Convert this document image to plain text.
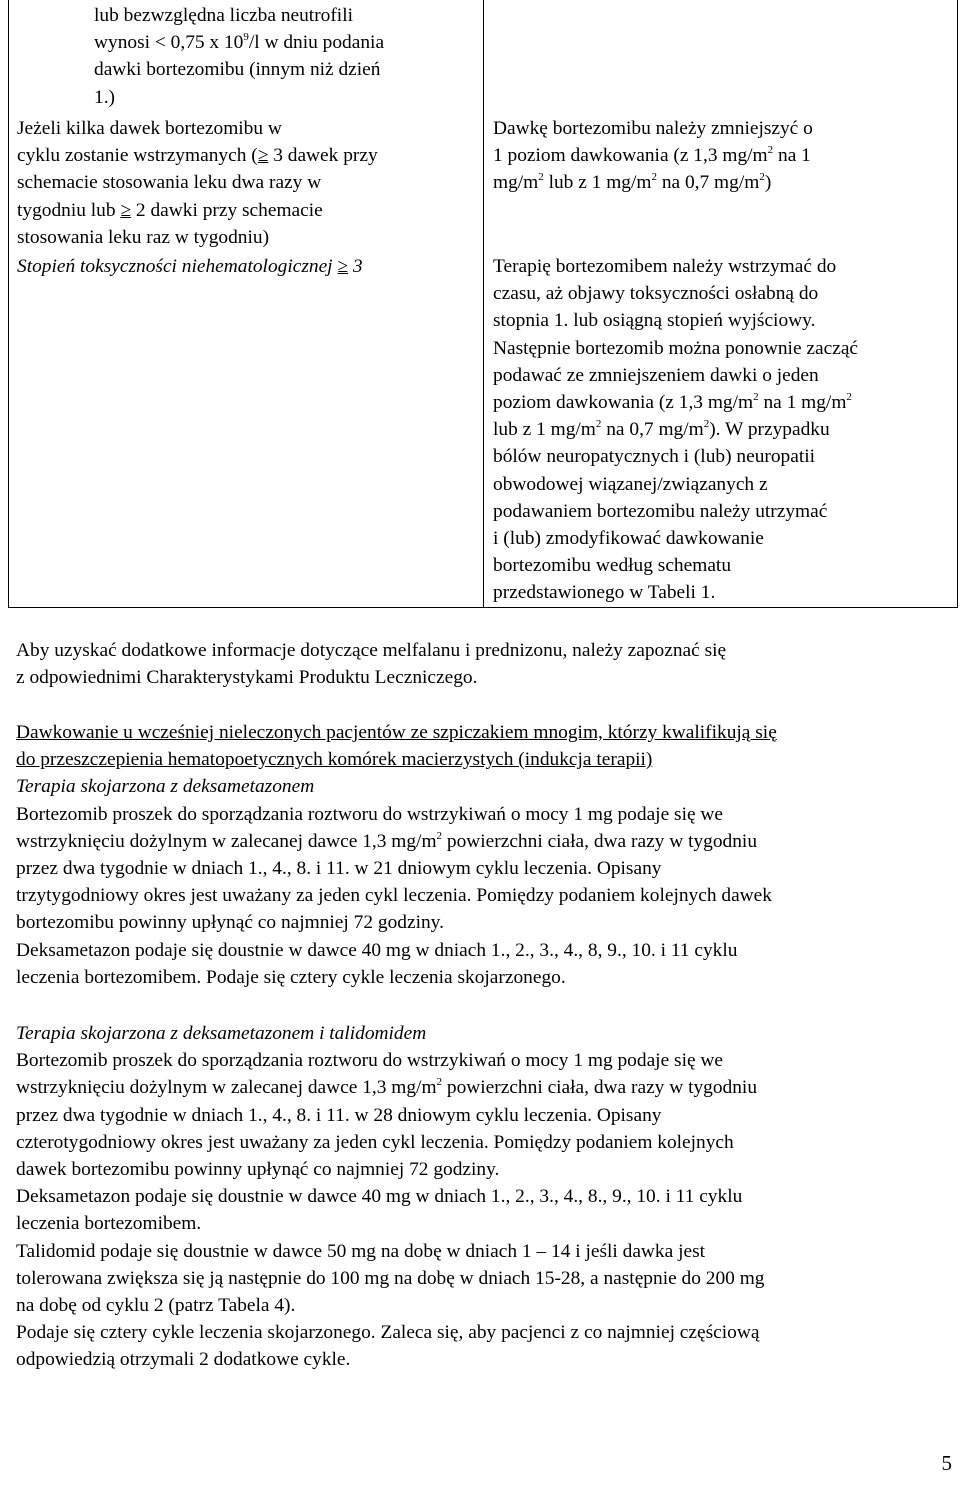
lub bezwzględna liczba neutrofili
wynosi < 0,75 x $10^9/l$ w dniu podania
dawki bortezomibu (innym niż dzień
1.)
Jeżeli kilka dawek bortezomibu w
cyklu zostanie wstrzymanych (≥ 3 dawek przy
schemacie stosowania leku dwa razy w
tygodniu lub ≥ 2 dawki przy schemacie
stosowania leku raz w tygodniu)
Stopień toksyczności niehematologicznej ≥ 3
Dawkę bortezomibu należy zmniejszyć o
1 poziom dawkowania (z 1,3 $mg/m^2$ na 1
$mg/m^2$ lub z 1 $mg/m^2$ na 0,7 $mg/m^2$)
Terapię bortezomibem należy wstrzymać do
czasu, aż objawy toksyczności osłabną do
stopnia 1. lub osiągną stopień wyjściowy.
Następnie bortezomib można ponownie zacząć
podawać ze zmniejszeniem dawki o jeden
poziom dawkowania (z 1,3 $mg/m^2$ na 1 $mg/m^2$
lub z 1 $mg/m^2$ na 0,7 $mg/m^2$). W przypadku
bólów neuropatycznych i (lub) neuropatii
obwodowej wiązanej/związanych z
podawaniem bortezomibu należy utrzymać
i (lub) zmodyfikować dawkowanie
bortezomibu według schematu
przedstawionego w Tabeli 1.
Aby uzyskać dodatkowe informacje dotyczące melfalanu i prednizonu, należy zapoznać się
z odpowiednimi Charakterystykami Produktu Leczniczego.
Dawkowanie u wcześniej nieleczonych pacjentów ze szpiczakiem mnogim, którzy kwalifikują się
do przeszczepienia hematopoetycznych komórek macierzystych (indukcja terapii)
Terapia skojarzona z deksametazonem
Bortezomib proszek do sporządzania roztworu do wstrzykiwań o mocy 1 mg podaje się we
wstrzyknięciu dożylnym w zalecanej dawce 1,3 $mg/m^2$ powierzchni ciała, dwa razy w tygodniu
przez dwa tygodnie w dniach 1., 4., 8. i 11. w 21 dniowym cyklu leczenia. Opisany
trzytygodniowy okres jest uważany za jeden cykl leczenia. Pomiędzy podaniem kolejnych dawek
bortezomibu powinny upłynąć co najmniej 72 godziny.
Deksametazon podaje się doustnie w dawce 40 mg w dniach 1., 2., 3., 4., 8, 9., 10. i 11 cyklu
leczenia bortezomibem. Podaje się cztery cykle leczenia skojarzonego.
Terapia skojarzona z deksametazonem i talidomidem
Bortezomib proszek do sporządzania roztworu do wstrzykiwań o mocy 1 mg podaje się we
wstrzyknięciu dożylnym w zalecanej dawce 1,3 $mg/m^2$ powierzchni ciała, dwa razy w tygodniu
przez dwa tygodnie w dniach 1., 4., 8. i 11. w 28 dniowym cyklu leczenia. Opisany
czterotygodniowy okres jest uważany za jeden cykl leczenia. Pomiędzy podaniem kolejnych
dawek bortezomibu powinny upłynąć co najmniej 72 godziny.
Deksametazon podaje się doustnie w dawce 40 mg w dniach 1., 2., 3., 4., 8., 9., 10. i 11 cyklu
leczenia bortezomibem.
Talidomid podaje się doustnie w dawce 50 mg na dobę w dniach 1 – 14 i jeśli dawka jest
tolerowana zwiększa się ją następnie do 100 mg na dobę w dniach 15-28, a następnie do 200 mg
na dobę od cyklu 2 (patrz Tabela 4).
Podaje się cztery cykle leczenia skojarzonego. Zaleca się, aby pacjenci z co najmniej częściową
odpowiedzią otrzymali 2 dodatkowe cykle.
5
